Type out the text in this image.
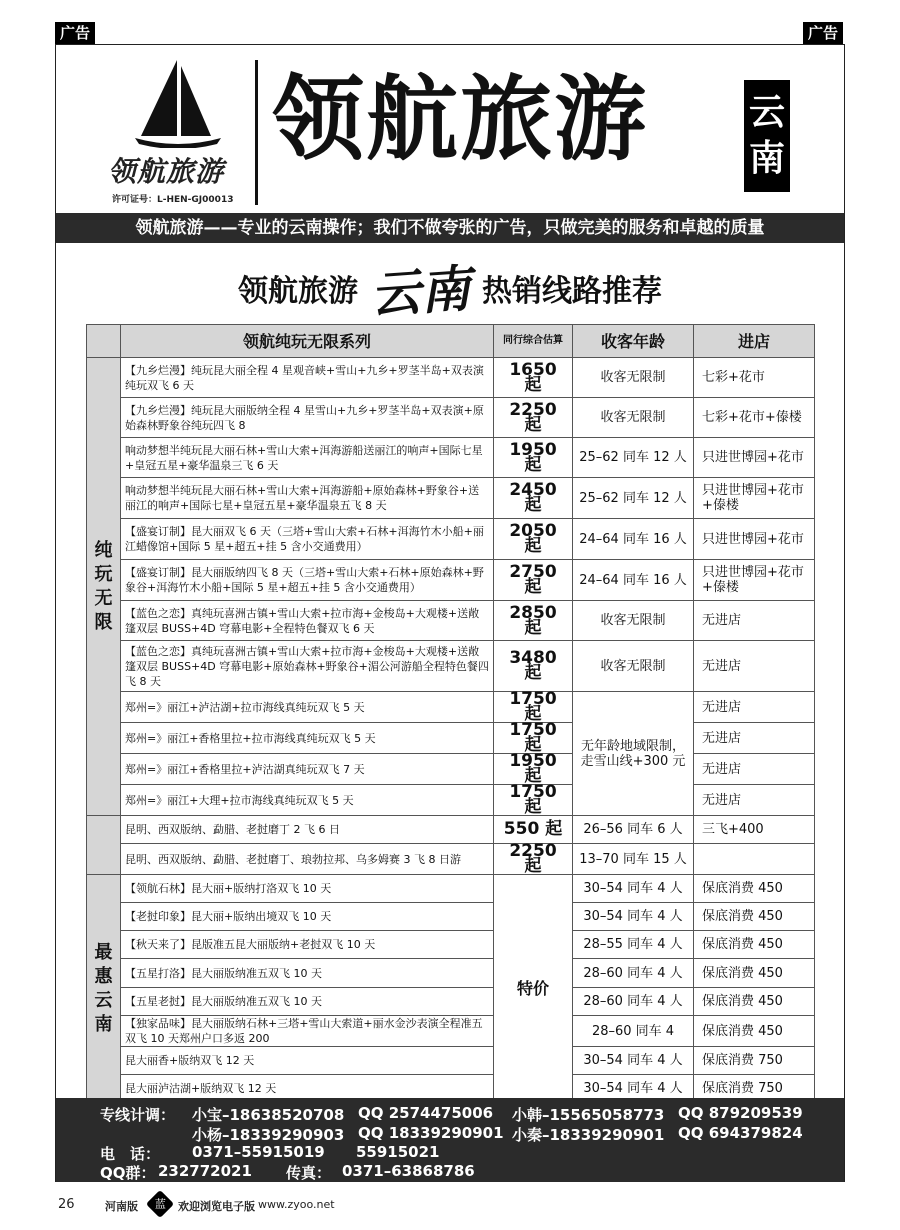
广告	广告
领航旅游
许可证号：L-HEN-GJ00013
领航旅游	云南
领航旅游——专业的云南操作；我们不做夸张的广告，只做完美的服务和卓越的质量
领航旅游 云南 热销线路推荐
	领航纯玩无限系列	同行综合估算	收客年龄	进店
纯玩无限	【九乡烂漫】纯玩昆大丽全程 4 星观音峡+雪山+九乡+罗茎半岛+双表演纯玩双飞 6 天	1650 起	收客无限制	七彩+花市
	【九乡烂漫】纯玩昆大丽版纳全程 4 星雪山+九乡+罗茎半岛+双表演+原始森林野象谷纯玩四飞 8	2250 起	收客无限制	七彩+花市+傣楼
	响动梦想半纯玩昆大丽石林+雪山大索+洱海游船送丽江的响声+国际七星+皇冠五星+豪华温泉三飞 6 天	1950 起	25–62 同车 12 人	只进世博园+花市
	响动梦想半纯玩昆大丽石林+雪山大索+洱海游船+原始森林+野象谷+送丽江的响声+国际七星+皇冠五星+豪华温泉五飞 8 天	2450 起	25–62 同车 12 人	只进世博园+花市+傣楼
	【盛宴订制】昆大丽双飞 6 天（三塔+雪山大索+石林+洱海竹木小船+丽江蜡像馆+国际 5 星+超五+挂 5 含小交通费用）	2050 起	24–64 同车 16 人	只进世博园+花市
	【盛宴订制】昆大丽版纳四飞 8 天（三塔+雪山大索+石林+原始森林+野象谷+洱海竹木小船+国际 5 星+超五+挂 5 含小交通费用）	2750 起	24–64 同车 16 人	只进世博园+花市+傣楼
	【蓝色之恋】真纯玩喜洲古镇+雪山大索+拉市海+金梭岛+大观楼+送敞篷双层 BUSS+4D 穹幕电影+全程特色餐双飞 6 天	2850 起	收客无限制	无进店
	【蓝色之恋】真纯玩喜洲古镇+雪山大索+拉市海+金梭岛+大观楼+送敞篷双层 BUSS+4D 穹幕电影+原始森林+野象谷+湄公河游船全程特色餐四飞 8 天	3480 起	收客无限制	无进店
	郑州=》丽江+泸沽湖+拉市海线真纯玩双飞 5 天	1750 起	无年龄地域限制，走雪山线+300 元	无进店
	郑州=》丽江+香格里拉+拉市海线真纯玩双飞 5 天	1750 起		无进店
	郑州=》丽江+香格里拉+泸沽湖真纯玩双飞 7 天	1950 起		无进店
	郑州=》丽江+大理+拉市海线真纯玩双飞 5 天	1750 起		无进店
	昆明、西双版纳、勐腊、老挝磨丁 2 飞 6 日	550 起	26–56 同车 6 人	三飞+400
	昆明、西双版纳、勐腊、老挝磨丁、琅勃拉邦、乌多姆赛 3 飞 8 日游	2250 起	13–70 同车 15 人	
最惠云南	【领航石林】昆大丽+版纳打洛双飞 10 天	特价	30–54 同车 4 人	保底消费 450
	【老挝印象】昆大丽+版纳出境双飞 10 天		30–54 同车 4 人	保底消费 450
	【秋天来了】昆版准五昆大丽版纳+老挝双飞 10 天		28–55 同车 4 人	保底消费 450
	【五星打洛】昆大丽版纳准五双飞 10 天		28–60 同车 4 人	保底消费 450
	【五星老挝】昆大丽版纳准五双飞 10 天		28–60 同车 4 人	保底消费 450
	【独家品味】昆大丽版纳石林+三塔+雪山大索道+丽水金沙表演全程准五双飞 10 天郑州户口多返 200		28–60 同车 4	保底消费 450
	昆大丽香+版纳双飞 12 天		30–54 同车 4 人	保底消费 750
	昆大丽泸沽湖+版纳双飞 12 天		30–54 同车 4 人	保底消费 750
专线计调： 小宝–18638520708 QQ 2574475006 小韩–15565058773 QQ 879209539
小杨–18339290903 QQ 18339290901 小秦–18339290901 QQ 694379824
电　话： 0371–55915019 55915021
QQ群： 232772021 传真： 0371–63868786
26	河南版	蓝	欢迎浏览电子版 www.zyoo.net
